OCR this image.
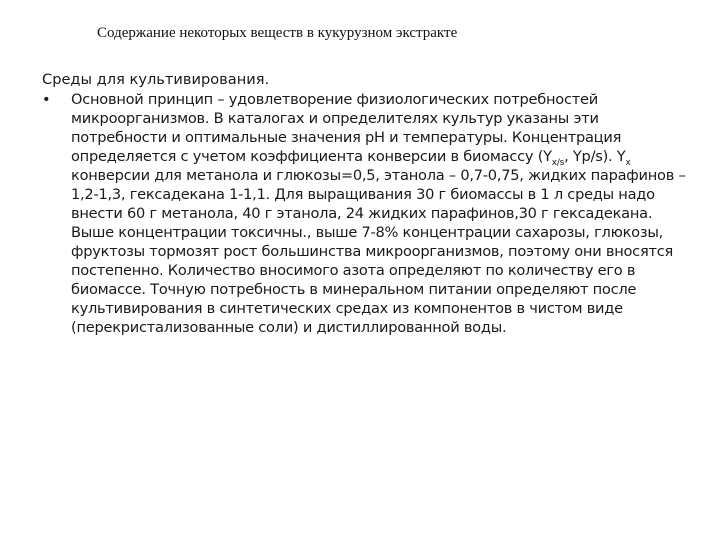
Содержание некоторых веществ в кукурузном экстракте

Среды для культивирования.

• Основной принцип – удовлетворение физиологических потребностей микроорганизмов. В каталогах и определителях культур указаны эти потребности и оптимальные значения рН и температуры. Концентрация определяется с учетом коэффициента конверсии в биомассу ($Y_{x/s}$, Yp/s). $Y_x$ конверсии для метанола и глюкозы=0,5, этанола – 0,7-0,75, жидких парафинов – 1,2-1,3, гексадекана 1-1,1. Для выращивания 30 г биомассы в 1 л среды надо внести 60 г метанола, 40 г этанола, 24 жидких парафинов,30 г гексадекана. Выше концентрации токсичны., выше 7-8% концентрации сахарозы, глюкозы, фруктозы тормозят рост большинства микроорганизмов, поэтому они вносятся постепенно. Количество вносимого азота определяют по количеству его в биомассе. Точную потребность в минеральном питании определяют после культивирования в синтетических средах из компонентов в чистом виде (перекристализованные соли) и дистиллированной воды.
